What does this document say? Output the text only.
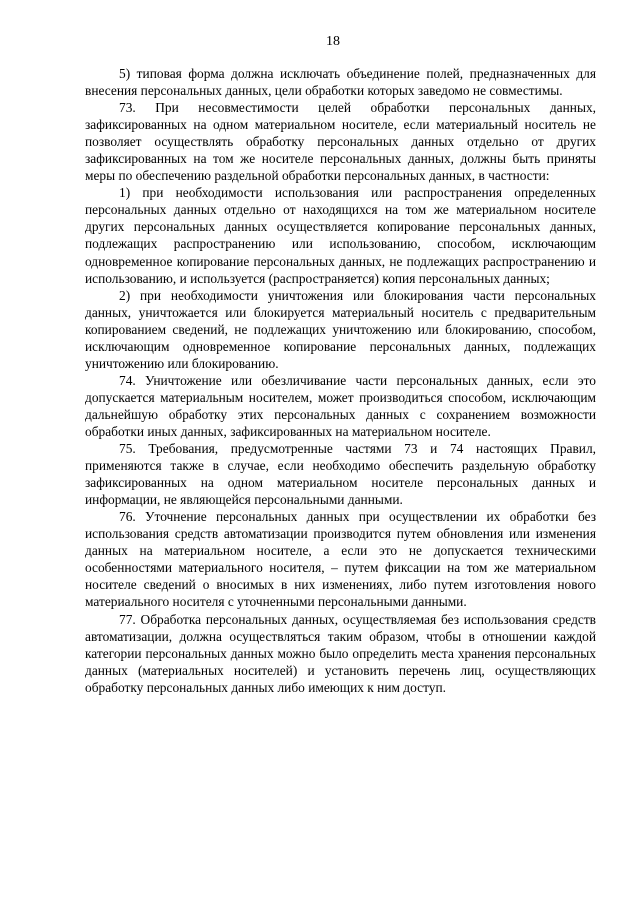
18

5) типовая форма должна исключать объединение полей, предназначенных для внесения персональных данных, цели обработки которых заведомо не совместимы.

73. При несовместимости целей обработки персональных данных, зафиксированных на одном материальном носителе, если материальный носитель не позволяет осуществлять обработку персональных данных отдельно от других зафиксированных на том же носителе персональных данных, должны быть приняты меры по обеспечению раздельной обработки персональных данных, в частности:

1) при необходимости использования или распространения определенных персональных данных отдельно от находящихся на том же материальном носителе других персональных данных осуществляется копирование персональных данных, подлежащих распространению или использованию, способом, исключающим одновременное копирование персональных данных, не подлежащих распространению и использованию, и используется (распространяется) копия персональных данных;

2) при необходимости уничтожения или блокирования части персональных данных, уничтожается или блокируется материальный носитель с предварительным копированием сведений, не подлежащих уничтожению или блокированию, способом, исключающим одновременное копирование персональных данных, подлежащих уничтожению или блокированию.

74. Уничтожение или обезличивание части персональных данных, если это допускается материальным носителем, может производиться способом, исключающим дальнейшую обработку этих персональных данных с сохранением возможности обработки иных данных, зафиксированных на материальном носителе.

75. Требования, предусмотренные частями 73 и 74 настоящих Правил, применяются также в случае, если необходимо обеспечить раздельную обработку зафиксированных на одном материальном носителе персональных данных и информации, не являющейся персональными данными.

76. Уточнение персональных данных при осуществлении их обработки без использования средств автоматизации производится путем обновления или изменения данных на материальном носителе, а если это не допускается техническими особенностями материального носителя, – путем фиксации на том же материальном носителе сведений о вносимых в них изменениях, либо путем изготовления нового материального носителя с уточненными персональными данными.

77. Обработка персональных данных, осуществляемая без использования средств автоматизации, должна осуществляться таким образом, чтобы в отношении каждой категории персональных данных можно было определить места хранения персональных данных (материальных носителей) и установить перечень лиц, осуществляющих обработку персональных данных либо имеющих к ним доступ.
